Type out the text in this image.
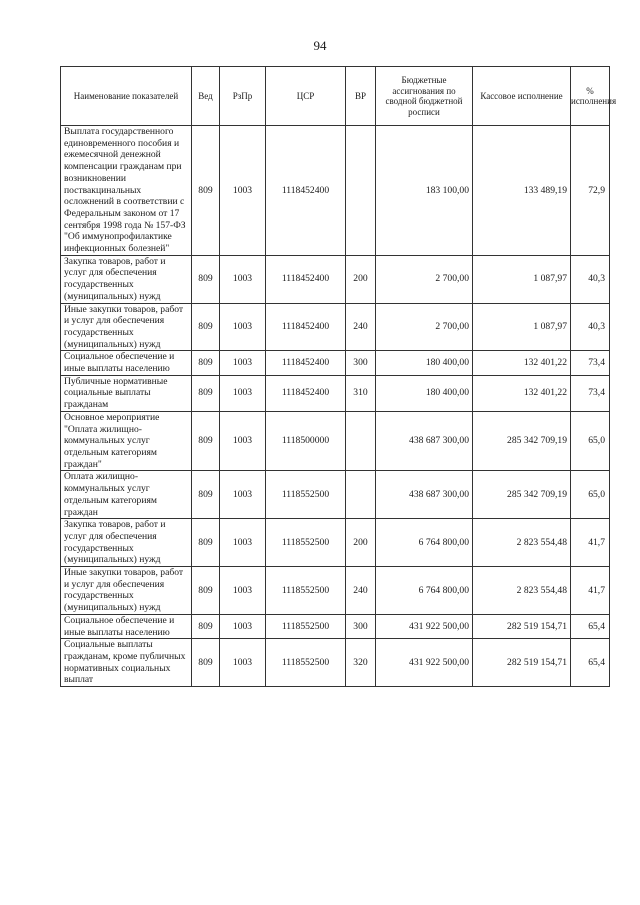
94
Наименование показателей	Вед	РзПр	ЦСР	ВР	Бюджетные ассигнования по сводной бюджетной росписи	Кассовое исполнение	% исполнения
Выплата государственного единовременного пособия и ежемесячной денежной компенсации гражданам при возникновении поствакцинальных осложнений в соответствии с Федеральным законом от 17 сентября 1998 года № 157-ФЗ "Об иммунопрофилактике инфекционных болезней"	809	1003	1118452400		183 100,00	133 489,19	72,9
Закупка товаров, работ и услуг для обеспечения государственных (муниципальных) нужд	809	1003	1118452400	200	2 700,00	1 087,97	40,3
Иные закупки товаров, работ и услуг для обеспечения государственных (муниципальных) нужд	809	1003	1118452400	240	2 700,00	1 087,97	40,3
Социальное обеспечение и иные выплаты населению	809	1003	1118452400	300	180 400,00	132 401,22	73,4
Публичные нормативные социальные выплаты гражданам	809	1003	1118452400	310	180 400,00	132 401,22	73,4
Основное мероприятие "Оплата жилищно-коммунальных услуг отдельным категориям граждан"	809	1003	1118500000		438 687 300,00	285 342 709,19	65,0
Оплата жилищно-коммунальных услуг отдельным категориям граждан	809	1003	1118552500		438 687 300,00	285 342 709,19	65,0
Закупка товаров, работ и услуг для обеспечения государственных (муниципальных) нужд	809	1003	1118552500	200	6 764 800,00	2 823 554,48	41,7
Иные закупки товаров, работ и услуг для обеспечения государственных (муниципальных) нужд	809	1003	1118552500	240	6 764 800,00	2 823 554,48	41,7
Социальное обеспечение и иные выплаты населению	809	1003	1118552500	300	431 922 500,00	282 519 154,71	65,4
Социальные выплаты гражданам, кроме публичных нормативных социальных выплат	809	1003	1118552500	320	431 922 500,00	282 519 154,71	65,4
